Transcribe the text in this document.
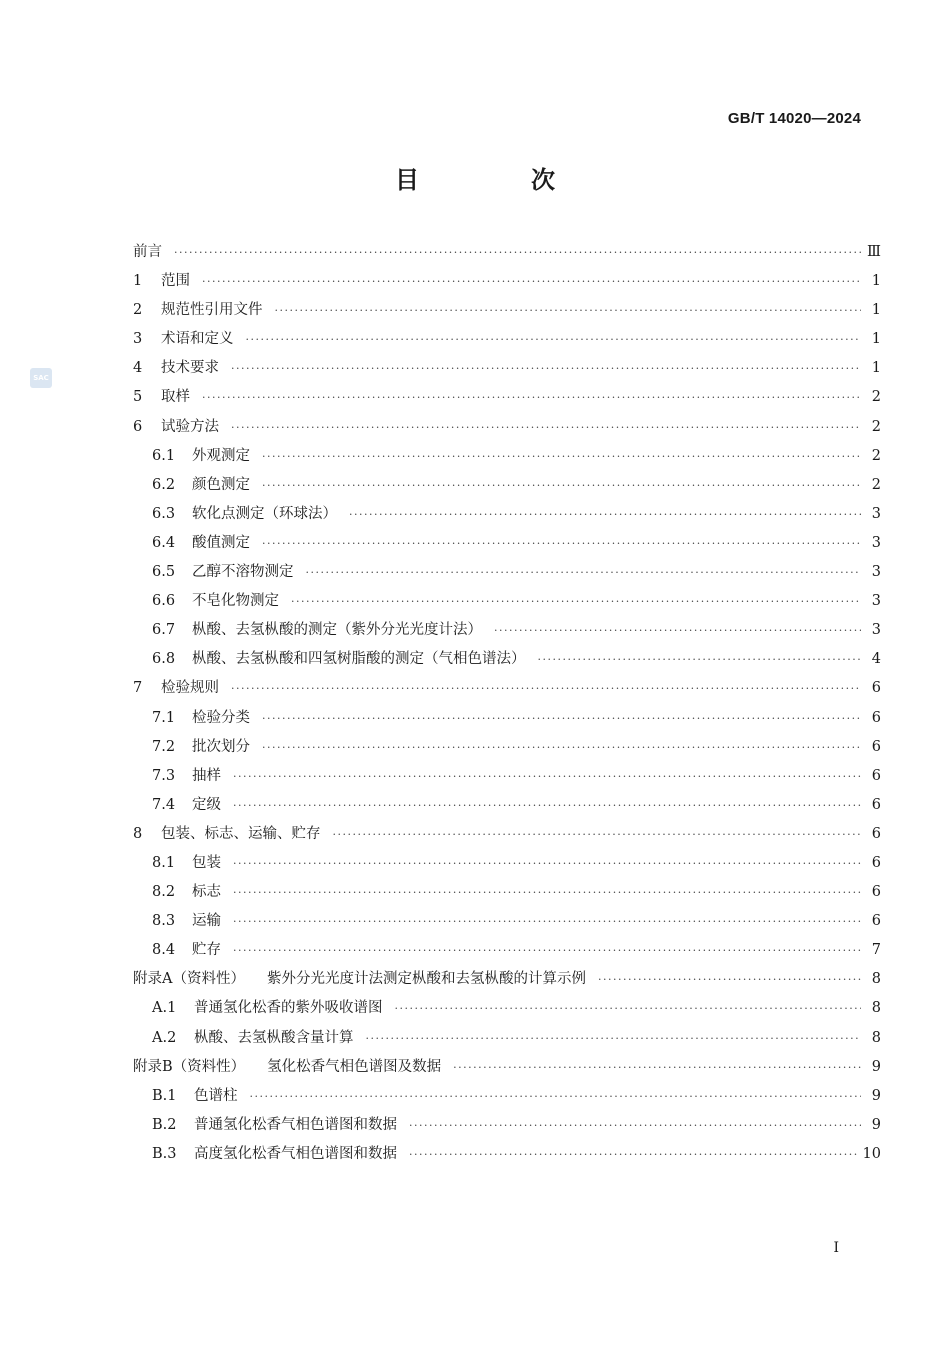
GB/T 14020—2024
目　次
SAC
前言 ·····	Ⅲ
1	范围 ·····	1
2	规范性引用文件 ·····	1
3	术语和定义 ·····	1
4	技术要求 ·····	1
5	取样 ·····	2
6	试验方法 ·····	2
6.1	外观测定 ·····	2
6.2	颜色测定 ·····	2
6.3	软化点测定（环球法） ·····	3
6.4	酸值测定 ·····	3
6.5	乙醇不溶物测定 ·····	3
6.6	不皂化物测定 ·····	3
6.7	枞酸、去氢枞酸的测定（紫外分光光度计法） ·····	3
6.8	枞酸、去氢枞酸和四氢树脂酸的测定（气相色谱法） ·····	4
7	检验规则 ·····	6
7.1	检验分类 ·····	6
7.2	批次划分 ·····	6
7.3	抽样 ·····	6
7.4	定级 ·····	6
8	包装、标志、运输、贮存 ·····	6
8.1	包装 ·····	6
8.2	标志 ·····	6
8.3	运输 ·····	6
8.4	贮存 ·····	7
附录A（资料性） 紫外分光光度计法测定枞酸和去氢枞酸的计算示例 ·····	8
A.1	普通氢化松香的紫外吸收谱图 ·····	8
A.2	枞酸、去氢枞酸含量计算 ·····	8
附录B（资料性） 氢化松香气相色谱图及数据 ·····	9
B.1	色谱柱 ·····	9
B.2	普通氢化松香气相色谱图和数据 ·····	9
B.3	高度氢化松香气相色谱图和数据 ·····	10
I
